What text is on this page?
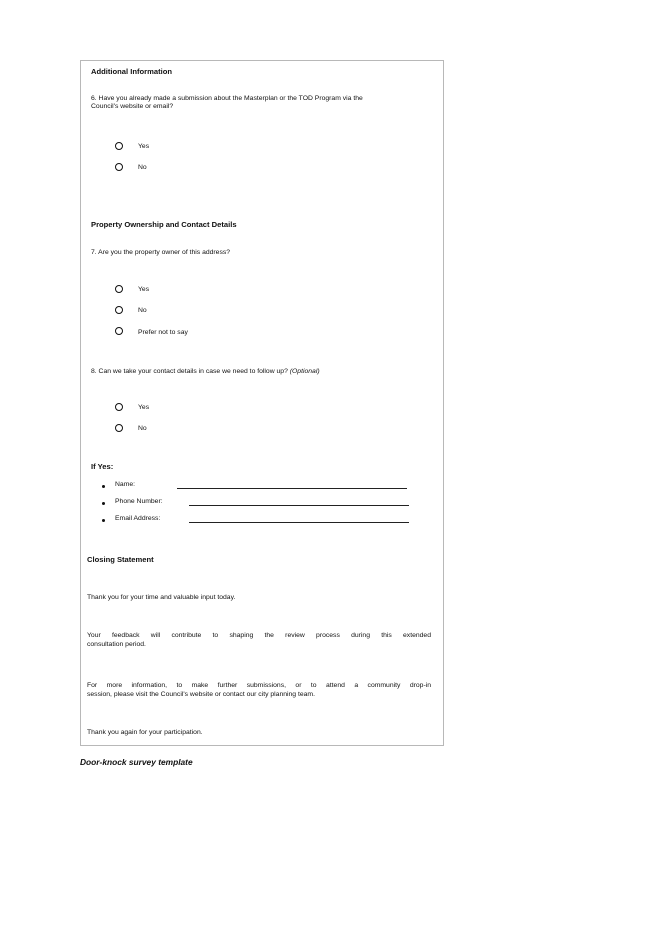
Additional Information
6. Have you already made a submission about the Masterplan or the TOD Program via the
Council's website or email?
Yes
No
Property Ownership and Contact Details
7. Are you the property owner of this address?
Yes
No
Prefer not to say
8. Can we take your contact details in case we need to follow up? (Optional)
Yes
No
If Yes:
Name:
Phone Number:
Email Address:
Closing Statement
Thank you for your time and valuable input today.
Your feedback will contribute to shaping the review process during this extended
consultation period.
For more information, to make further submissions, or to attend a community drop-in
session, please visit the Council's website or contact our city planning team.
Thank you again for your participation.
Door-knock survey template
